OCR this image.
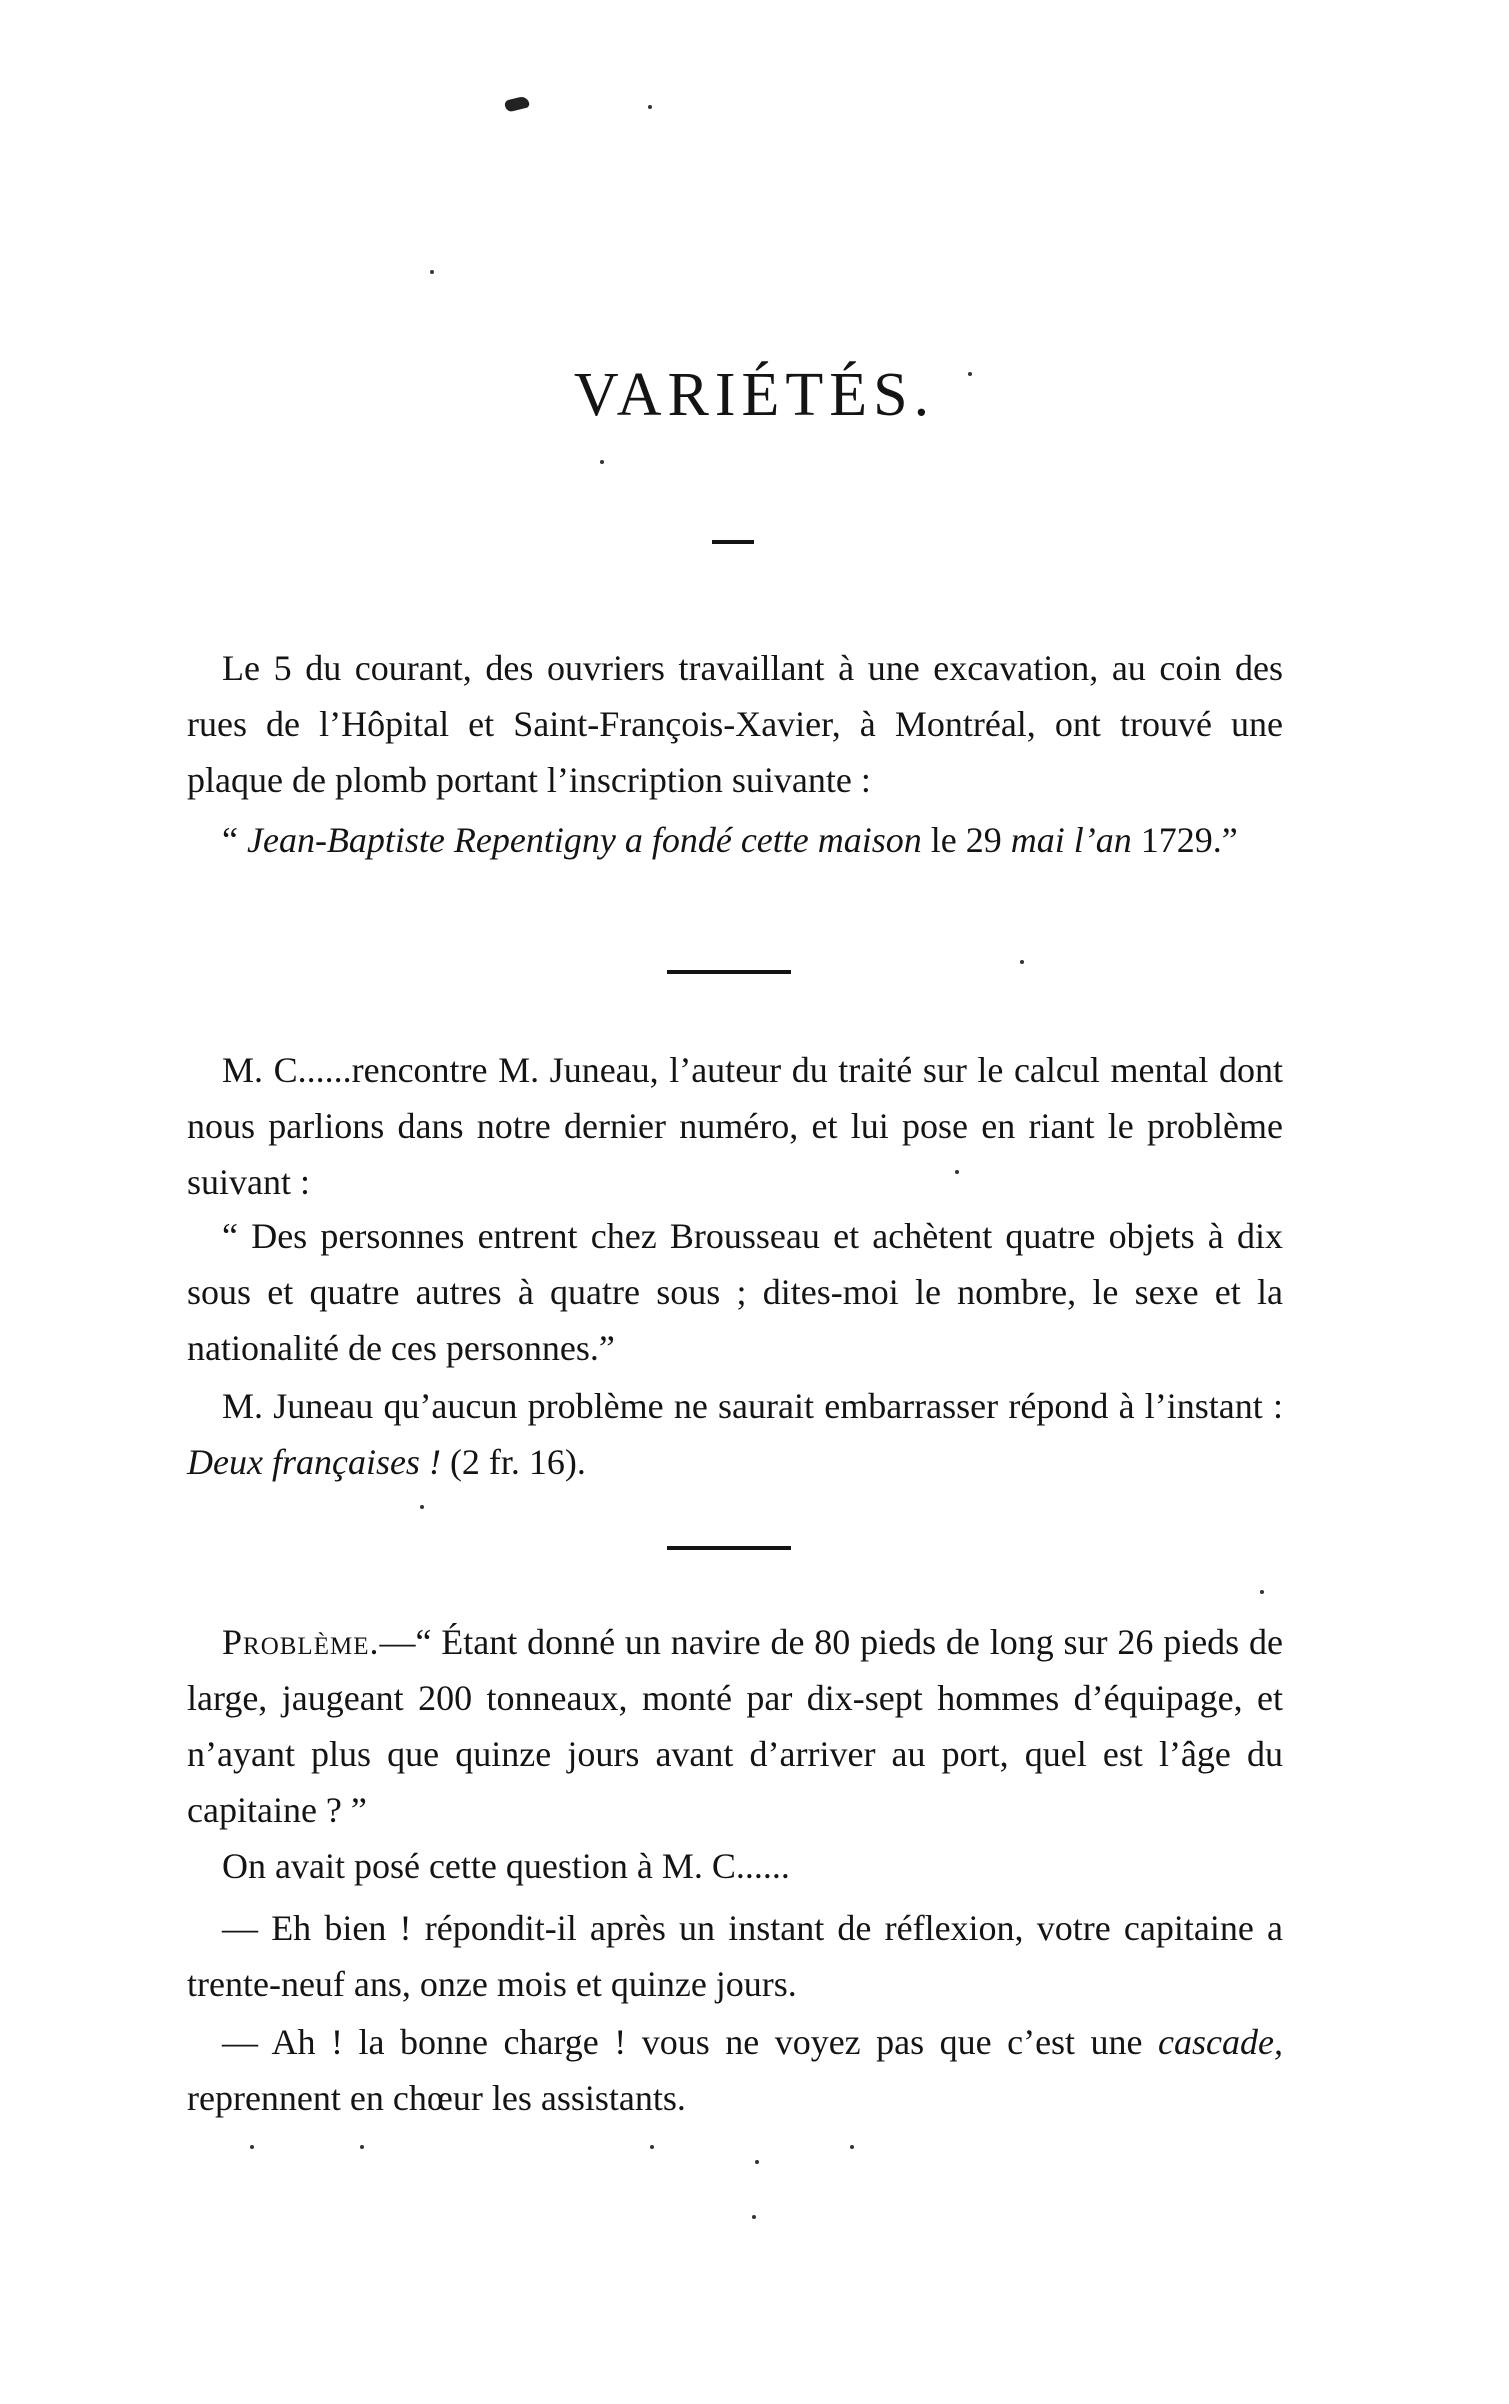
VARIÉTÉS.

Le 5 du courant, des ouvriers travaillant à une excavation, au coin des rues de l’Hôpital et Saint-François-Xavier, à Montréal, ont trouvé une plaque de plomb portant l’inscription suivante :

“ Jean-Baptiste Repentigny a fondé cette maison le 29 mai l’an 1729.”

M. C......rencontre M. Juneau, l’auteur du traité sur le calcul mental dont nous parlions dans notre dernier numéro, et lui pose en riant le problème suivant :

“ Des personnes entrent chez Brousseau et achètent quatre objets à dix sous et quatre autres à quatre sous ; dites-moi le nombre, le sexe et la nationalité de ces personnes.”

M. Juneau qu’aucun problème ne saurait embarrasser répond à l’instant : Deux françaises ! (2 fr. 16).

Problème.—“ Étant donné un navire de 80 pieds de long sur 26 pieds de large, jaugeant 200 tonneaux, monté par dix-sept hommes d’équipage, et n’ayant plus que quinze jours avant d’arriver au port, quel est l’âge du capitaine ? ”

On avait posé cette question à M. C......

— Eh bien ! répondit-il après un instant de réflexion, votre capitaine a trente-neuf ans, onze mois et quinze jours.

— Ah ! la bonne charge ! vous ne voyez pas que c’est une cascade, reprennent en chœur les assistants.
